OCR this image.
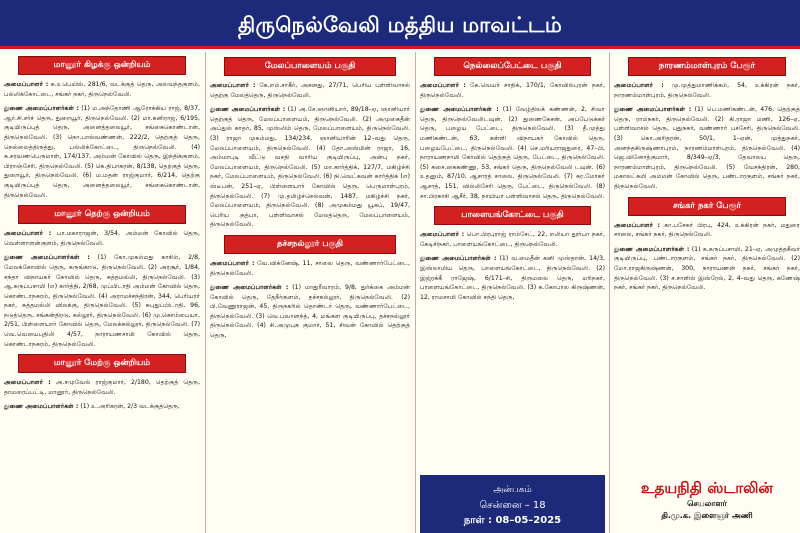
திருநெல்வேலி மத்திய மாவட்டம்
மானூர் கிழக்கு ஒன்றியம்

அமைப்பாளர் : சு.உபெயில், 281/6, வடக்குத் தெரு, அலவந்தகுளம், பல்லிக்கோட்டை, சங்கர் நகர், திருநெல்வேலி.

துணை அமைப்பாளர்கள் : (1) ம.அந்தோணி ஆரோக்கிய ராஜ், 8/37, ஆர்.சி.சர்ச் தெரு, துறையூர், திருநெல்வேலி. (2) மா.கனிராஜ், 6/195, குடியிருப்புத் தெரு, அனைத்தலையூர், சங்கைகொண்டான், திருநெல்வேலி. (3) நொ.பால்வண்ணன், 222/2, தெற்குத் தெரு, நெல்லைத்திருத்து, பல்லிக்கோட்டை, திருநெல்வேலி. (4) க.சரவணபெருமாள், 174/137, அம்மன் கோவில் தெரு, இந்திக்குளம், பிராஞ்சேரி, திருநெல்வேலி. (5) கெ.திபாகரன், 8/138, தெற்குத் தெரு, துறையூர், திருநெல்வேலி. (6) ம.மதன் ராஜ்குமார், 6/214, தெற்கு குடியிருப்புத் தெரு, அனைத்தலையூர், சங்கைகொண்டான், திருநெல்வேலி.

மானூர் தெற்கு ஒன்றியம்

அமைப்பாளர் : பா.மகாராஜன், 3/54, அம்மன் கோவில் தெரு, வெள்ளாளன்குளம், திருநெல்வேலி.

துணை அமைப்பாளர்கள் : (1) கோ.முகம்மது காசிம், 2/8, மேலக்கோவில் தெரு, கருங்காடு, திருநெல்வேலி. (2) அரசூர், 1/84, சந்தா விநாயகர் கோவில் தெரு, சுத்தமல்லி, திருநெல்வேலி. (3) ஆ.கருப்பசாமி (எ) கார்த்தி, 2/68, முப்பிடாதி அம்மன் கோவில் தெரு, கொண்டாநகரம், திருநெல்வேலி. (4) அராமச்சந்திரன், 344, பெரியார் நகர், சுத்தமல்லி விலக்கு, திருநெல்வேலி. (5) சுபுதுப்பிடாதி, 96, நடுத்தெரு, சங்கன்திரடு, கல்லூர், திருநெல்வேலி. (6) மு.கொம்பையா, 2/51, பிள்ளையார் கோவில் தெரு, மேலக்கல்லூர், திருநெல்வேலி. (7) வெ.வெயைபுதிலி 4/57, நாராயணசாமி கோவில் தெரு, கொண்டாநகரம், திருநெல்வேலி.

மானூர் மேற்கு ஒன்றியம்

அமைப்பாளர் : அ.சமுவேல் ராஜ்குமார், 2/180, தெற்குத் தெரு, தாமரைப்பட்டி, மானூர், திருநெல்வேலி.

துணை அமைப்பாளர்கள் : (1) உ.அரிகரன், 2/3 வடக்குத்தெரு,

மேலப்பாளையம் பகுதி

அமைப்பாளர் : கே.எம்.சாகீர், அசனது, 27/71, பெரிய பள்ளிவாசல் தெற்கு மேலத்தெரு, திருநெல்வேலி.

துணை அமைப்பாளர்கள் : (1) அ.சே.ஞானியார், 89/18–ஏ, ஞானியார் தெற்குத் தெரு, மேலப்பாளையம், திருநெல்வேலி. (2) அமுகைதீன் அப்துல் காதர், 85, முஸ்லிம் தெரு, மேலப்பாளையம், திருநெல்வேலி. (3) ராஜா முகம்மது, 134/234, ஞானியாரின் 12–வது தெரு, மேலப்பாளையம், திருநெல்வேலி. (4) தோ.அஸ்மின் ராஜா, 16, அம்மாபுடி வீட்டு வசதி வாரிய குடியிருப்பு, அன்பு நகர், மேலப்பாளையம், திருநெல்வேலி. (5) மா.கார்த்திக், 127/7, மகிழ்ச்சி நகர், மேலப்பாளையம், திருநெல்வேலி. (6) நி.வெட்கவன் கார்த்திக் (எ) ஸ்டீபன், 251–ஏ, பிள்ளையார் கோவில் தெரு, பெருமாள்புரம், திருநெல்வேலி. (7) மு.தமிழ்ச்செல்வன், 1487, மகிழ்ச்சி நகர், மேலப்பாளையம், திருநெல்வேலி. (8) அமுகம்மது யூசுப், 19/47, பெரிய குத்பா, பள்ளிவாசல் மேலத்தெரு, மேலப்பாளையம், திருநெல்வேலி.

தச்சநல்லூர் பகுதி

அமைப்பாளர் : வே.விக்னேஷ், 11, சாலை தெரு, வண்ணார்பேட்டை, திருநெல்வேலி.

துணை அமைப்பாளர்கள் : (1) மாதுரீவாரம், 9/8, துர்க்கை அம்மன் கோவில் தெரு, தேநீர்குளம், தச்சநல்லூர், திருநெல்வேலி. (2) பி.வேணுராஜன், 45, திருநகரில் தொண்டர் தெரு, வண்ணார்பேட்டை, திருநெல்வேலி. (3) வெ.பவானந்த், 4, மங்கள குடியிருப்பு, தச்சநல்லூர் திருநெல்வேலி. (4) சி.அமுபுக குமார், 51, சிவன் கோவில் தெற்குத் தெரு,

நெல்லைப்பேட்டை பகுதி

அமைப்பாளர் : கே.வெயர் சாதிக், 170/1, கோவில்புரன் நகர், திருநெல்வேலி.

துணை அமைப்பாளர்கள் : (1) வேழ்திலக் கண்ணன், 2, சிவா தெரு, திருநெல்வேலிடவுன். (2) துணைகேசன், அப்பேடுக்கர் தெரு, பழைய பேட்டை, திருநெல்வேலி. (3) தீ.முத்து மணிகண்டன், 63, கள்ளி விநாயகர் கோவில் தெரு, பழையபேட்டை, திருநெல்வேலி. (4) செ.மரியராஜதுரை, 47–பி, நாராயணசாமி கோவில் தெற்குத் தெரு, பேட்டை, திருநெல்வேலி. (5) சுசை.கைகண்ணு, 53, சங்கர் தெரு, திருநெல்வேலி டவுன். (6) உதனும், 87/10, ஆசாரத் சாலை, திருநெல்வேலி. (7) சுர.மோகர் ஆசாத், 151, வில்லிசேரி தெரு, பேட்டை, திருநெல்வேலி. (8) சா.பிரகாசி ஆசீர், 38, நாயியா பள்ளிவாசல் தெரு, திருநெல்வேலி.

பாளையங்கோட்டை பகுதி

அமைப்பாளர் : பொ.பிரபுராஜ் ராம்சேட், 22, எலியா தூர்பா நகர், கேடிசிநகர், பாளையங்கோட்டை, திருநெல்வேலி.

துணை அமைப்பாளர்கள் : (1) வ.மைதீன் கனி முஸ்தான், 14/3, இஸ்லாமிய தெரு, பாளையங்கோட்டை, திருநெல்வேலி. (2) இஜ்ரக்கீ ராஜேஷ், 6/171–சி, திருமலை தெரு, மரிநகர், பாளையங்கோட்டை, திருநெல்வேலி. (3) க.கோபால கிருஷ்ணன், 12, ராமசாமி கோவில் சந்தி தெரு,

நாரணம்மாள்புரம் பேரூர்

அமைப்பாளர் : மு.முத்துமாணிக்கம், 54, உக்கிரன் நகர், நாரணம்மாள்புரம், திருநெல்வேலி.

துணை அமைப்பாளர்கள் : (1) பெ.மணிகண்டன், 476, தெற்குத் தெரு, ராம்நகர், திருநெல்வேலி. (2) கி.ராஜா மணி, 126–ஏ, பள்ளிவாசல் தெரு, புதுநகர், வண்ணார் பச்சேரி, திருநெல்வேலி. (3) கொ.அரிதரன், 50/1, 1–ஏன், முத்துநகர், அனந்தகிருஷ்ணாபுரம், நாரணம்மாள்புரம், திருநெல்வேலி. (4) ஜெ.வினோத்குமார், 8/349–ஏ/3, தேவாலய தெரு, நாரணம்மாள்புரம், திருநெல்வேலி. (5) வேசந்திரன், 280, மகாலட்சுமி அம்மன் கோவில் தெரு, பண்டாரகுளம், சங்கர் நகர், திருநெல்வேலி.

சங்கர் நகர் பேரூர்

அமைப்பாளர் : கா.பசேகர் பிரபு, 424, உக்கிரன் நகர், மதுரை சாலை, சங்கர் நகர், திருநெல்வேலி.

துணை அமைப்பாளர்கள் : (1) க.கருப்பசாமி, 21–ஏ, அமுத்தகீவர் குடியிருப்பு, பண்டாரகுளம், சங்கர் நகர், திருநெல்வேலி. (2) மோ.ராஜகிருஷ்ணன், 300, நாராயணன் நகர், சங்கர் நகர், திருநெல்வேலி. (3) ச.சாளில் இஸ்ரேல், 2, 4–வது தெரு, கணேஷ் நகர், சங்கர் நகர், திருநெல்வேலி.

அன்பகம்
சென்னை – 18
நாள் : 08–05–2025
உதயநிதி ஸ்டாலின்
செயலாளர்
தி.மு.க. இளைஞர் அணி
